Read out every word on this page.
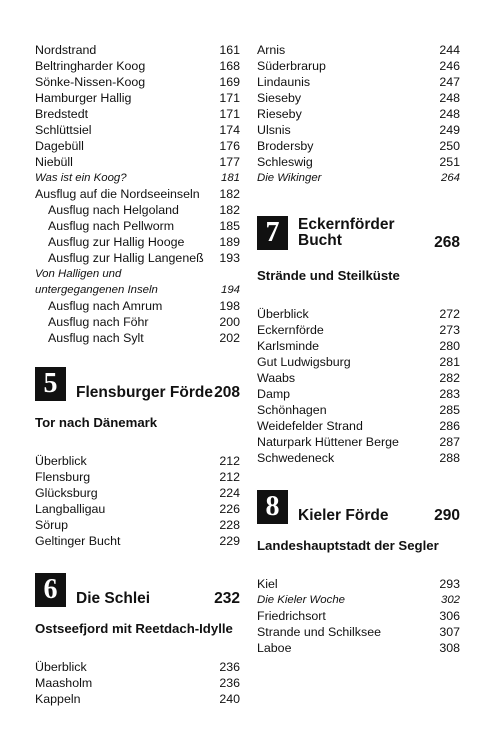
Nordstrand	161
Beltringharder Koog	168
Sönke-Nissen-Koog	169
Hamburger Hallig	171
Bredstedt	171
Schlüttsiel	174
Dagebüll	176
Niebüll	177
Was ist ein Koog?	181
Ausflug auf die Nordseeinseln 182
Ausflug nach Helgoland	182
Ausflug nach Pellworm	185
Ausflug zur Hallig Hooge	189
Ausflug zur Hallig Langeneß 193
Von Halligen und
untergegangenen Inseln	194
Ausflug nach Amrum	198
Ausflug nach Föhr	200
Ausflug nach Sylt	202
5	Flensburger Förde 208
Tor nach Dänemark
Überblick	212
Flensburg	212
Glücksburg	224
Langballigau	226
Sörup	228
Geltinger Bucht	229
6	Die Schlei	232
Ostseefjord mit Reetdach-Idylle
Überblick	236
Maasholm	236
Kappeln	240
Arnis	244
Süderbrarup	246
Lindaunis	247
Sieseby	248
Rieseby	248
Ulsnis	249
Brodersby	250
Schleswig	251
Die Wikinger	264
7	Eckernförder
Bucht	268
Strände und Steilküste
Überblick	272
Eckernförde	273
Karlsminde	280
Gut Ludwigsburg	281
Waabs	282
Damp	283
Schönhagen	285
Weidefelder Strand	286
Naturpark Hüttener Berge	287
Schwedeneck	288
8	Kieler Förde	290
Landeshauptstadt der Segler
Kiel	293
Die Kieler Woche	302
Friedrichsort	306
Strande und Schilksee	307
Laboe	308
